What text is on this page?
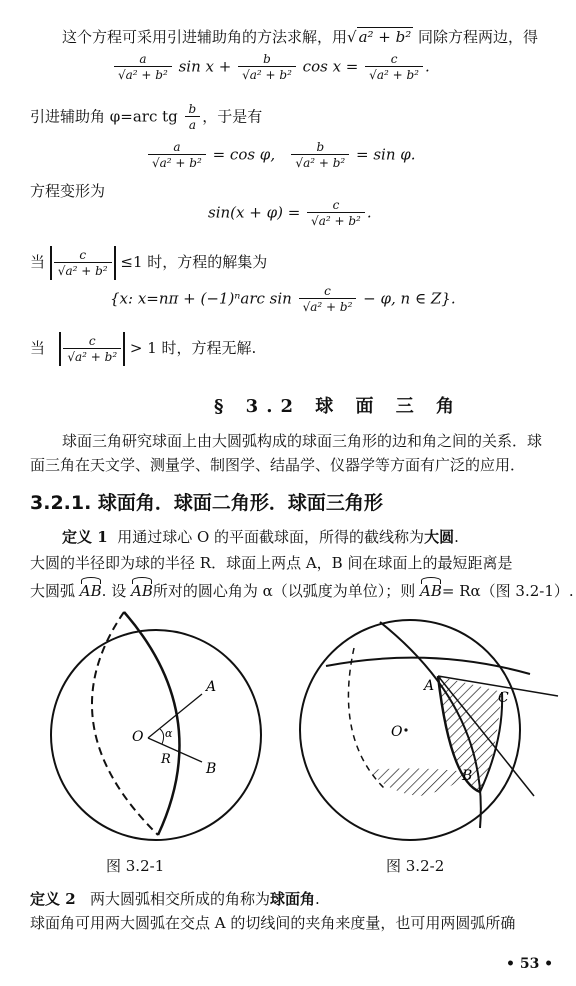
这个方程可采用引进辅助角的方法求解，用√ a² + b² 同除方程两边，得
$\frac{a}{\text{√a² + b²}}$ $\sin x + \frac{b}{\text{√a² + b²}}$ $\cos x = \frac{c}{\text{√a² + b²}}$ .
引进辅助角 φ=arc tg $\frac{b}{a}$ ，于是有
$\frac{a}{\text{√a² + b²}} = \cos \varphi$, $\frac{b}{\text{√a² + b²}} = \sin \varphi$.
方程变形为
$\sin(x + \varphi) = \frac{c}{\text{√a² + b²}}$ .
当 $\frac{c}{\text{√a² + b²}} \le 1$ 时，方程的解集为
{x: x=nπ + (−1)ⁿarc $\sin \frac{c}{\text{√a² + b²}} - \varphi$, n ∈ Z}.
当 $\frac{c}{\text{√a² + b²}} > 1$ 时，方程无解.
§ 3.2 球 面 三 角
球面三角研究球面上由大圆弧构成的球面三角形的边和角之间的关系．球
面三角在天文学、测量学、制图学、结晶学、仪器学等方面有广泛的应用．
3.2.1. 球面角．球面二角形．球面三角形
定义 1 用通过球心 O 的平面截球面，所得的截线称为大圆.
大圆的半径即为球的半径 R．球面上两点 A，B 间在球面上的最短距离是
大圆弧 AB. 设 AB所对的圆心角为 α（以弧度为单位）；则 AB= Rα（图 3.2-1）.
A
B
O
R
α
图 3.2-1
A
B
C
O
图 3.2-2
定义 2 两大圆弧相交所成的角称为球面角.
球面角可用两大圆弧在交点 A 的切线间的夹角来度量，也可用两圆弧所确
• 53 •
